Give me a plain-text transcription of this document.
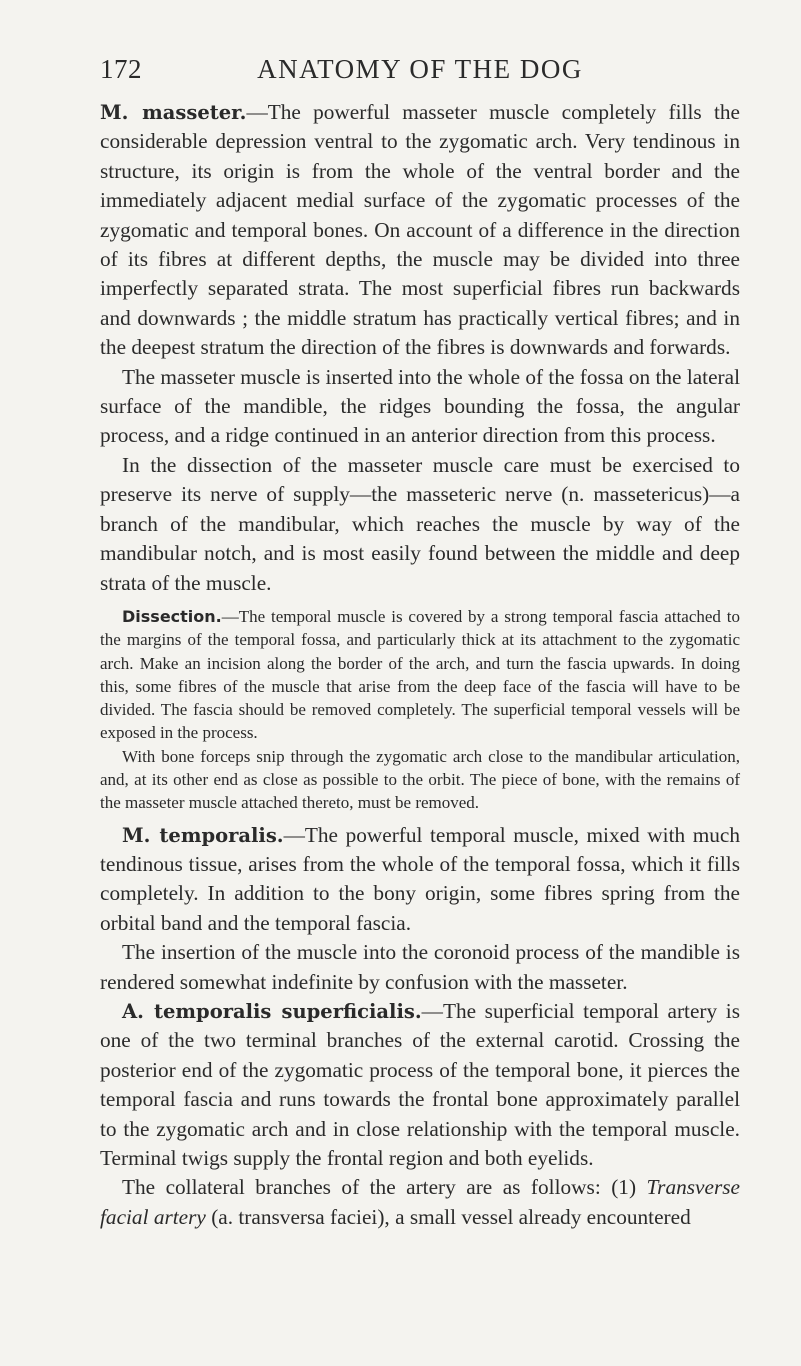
172	ANATOMY OF THE DOG

M. masseter.—The powerful masseter muscle completely fills the considerable depression ventral to the zygomatic arch. Very tendinous in structure, its origin is from the whole of the ventral border and the immediately adjacent medial surface of the zygomatic processes of the zygomatic and temporal bones. On account of a difference in the direction of its fibres at different depths, the muscle may be divided into three imperfectly separated strata. The most superficial fibres run backwards and downwards ; the middle stratum has practically vertical fibres; and in the deepest stratum the direction of the fibres is downwards and forwards.

The masseter muscle is inserted into the whole of the fossa on the lateral surface of the mandible, the ridges bounding the fossa, the angular process, and a ridge continued in an anterior direction from this process.

In the dissection of the masseter muscle care must be exercised to preserve its nerve of supply—the masseteric nerve (n. massetericus)—a branch of the mandibular, which reaches the muscle by way of the mandibular notch, and is most easily found between the middle and deep strata of the muscle.

Dissection.—The temporal muscle is covered by a strong temporal fascia attached to the margins of the temporal fossa, and particularly thick at its attachment to the zygomatic arch. Make an incision along the border of the arch, and turn the fascia upwards. In doing this, some fibres of the muscle that arise from the deep face of the fascia will have to be divided. The fascia should be removed completely. The superficial temporal vessels will be exposed in the process.

With bone forceps snip through the zygomatic arch close to the mandibular articulation, and, at its other end as close as possible to the orbit. The piece of bone, with the remains of the masseter muscle attached thereto, must be removed.

M. temporalis.—The powerful temporal muscle, mixed with much tendinous tissue, arises from the whole of the temporal fossa, which it fills completely. In addition to the bony origin, some fibres spring from the orbital band and the temporal fascia.

The insertion of the muscle into the coronoid process of the mandible is rendered somewhat indefinite by confusion with the masseter.

A. temporalis superficialis.—The superficial temporal artery is one of the two terminal branches of the external carotid. Crossing the posterior end of the zygomatic process of the temporal bone, it pierces the temporal fascia and runs towards the frontal bone approximately parallel to the zygomatic arch and in close relationship with the temporal muscle. Terminal twigs supply the frontal region and both eyelids.

The collateral branches of the artery are as follows: (1) Transverse facial artery (a. transversa faciei), a small vessel already encountered
